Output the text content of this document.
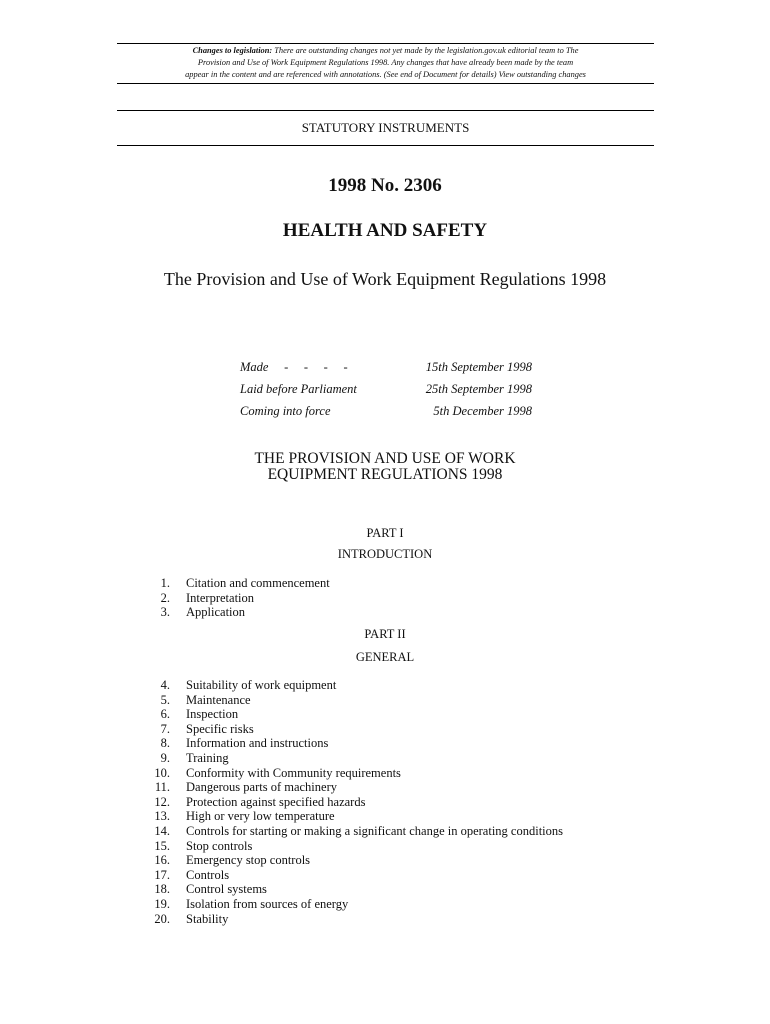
Changes to legislation: There are outstanding changes not yet made by the legislation.gov.uk editorial team to The
Provision and Use of Work Equipment Regulations 1998. Any changes that have already been made by the team
appear in the content and are referenced with annotations. (See end of Document for details) View outstanding changes
STATUTORY INSTRUMENTS
1998 No. 2306
HEALTH AND SAFETY
The Provision and Use of Work Equipment Regulations 1998
Made     -     -     -     -	15th September 1998
Laid before Parliament	25th September 1998
Coming into force	5th December 1998
THE PROVISION AND USE OF WORK
EQUIPMENT REGULATIONS 1998
PART I
INTRODUCTION
1.	Citation and commencement
2.	Interpretation
3.	Application
PART II
GENERAL
4.	Suitability of work equipment
5.	Maintenance
6.	Inspection
7.	Specific risks
8.	Information and instructions
9.	Training
10.	Conformity with Community requirements
11.	Dangerous parts of machinery
12.	Protection against specified hazards
13.	High or very low temperature
14.	Controls for starting or making a significant change in operating conditions
15.	Stop controls
16.	Emergency stop controls
17.	Controls
18.	Control systems
19.	Isolation from sources of energy
20.	Stability
